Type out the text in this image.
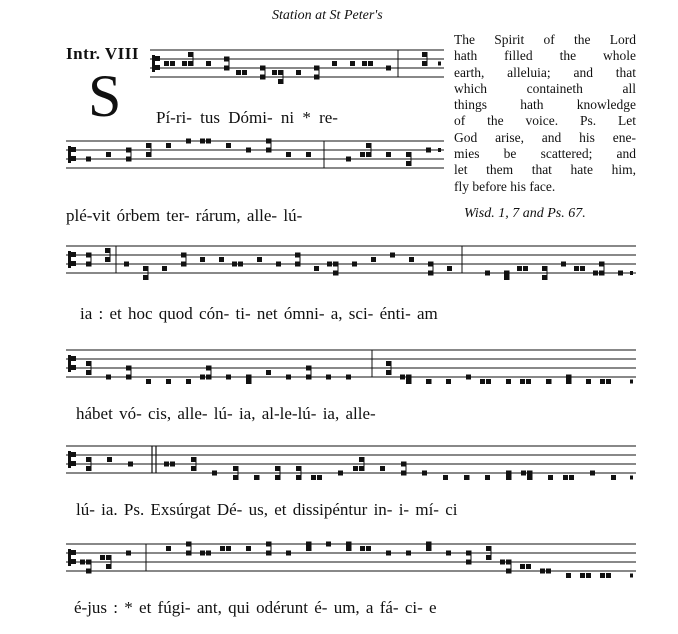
Station at St Peter's
Intr. VIII
S
The Spirit of the Lord
hath filled the whole
earth, alleluia; and that
which containeth all
things hath knowledge
of the voice. Ps. Let
God arise, and his ene-
mies be scattered; and
let them that hate him,
fly before his face.
Wisd. 1, 7 and Ps. 67.
Pí-ri- tus Dómi- ni * re-
plé-vit órbem ter- rárum, alle- lú-
ia : et hoc quod cón- ti- net ómni- a, sci- énti- am
hábet vó- cis, alle- lú- ia, al-le-lú- ia, alle-
lú- ia. Ps. Exsúrgat Dé- us, et dissipéntur in- i- mí- ci
é-jus : * et fúgi- ant, qui odérunt é- um, a fá- ci- e
